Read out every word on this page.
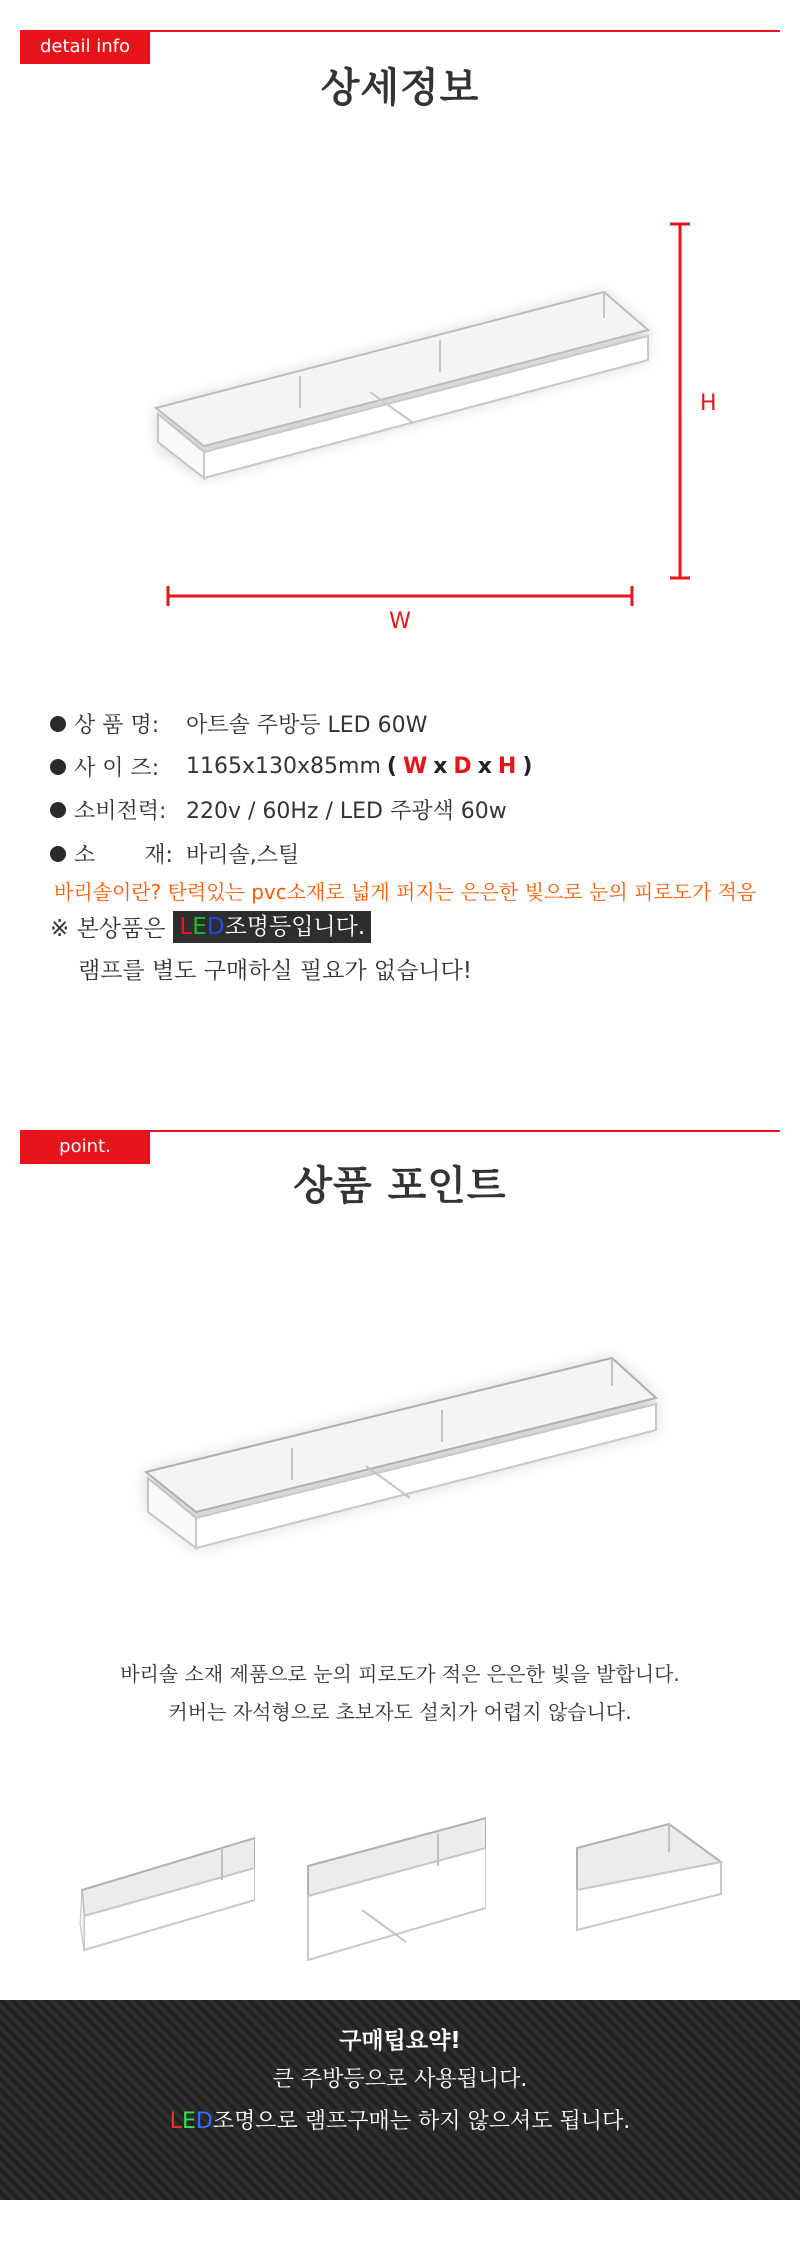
detail info
상세정보
H
W
상 품 명:	아트솔 주방등 LED 60W
사 이 즈:	1165x130x85mm ( W x D x H )
소비전력: 220v / 60Hz / LED 주광색 60w
소       재: 바리솔,스틸
바리솔이란? 탄력있는 pvc소재로 넓게 퍼지는 은은한 빛으로 눈의 피로도가 적음
※ 본상품은 LED조명등입니다.
램프를 별도 구매하실 필요가 없습니다!
point.
상품 포인트
바리솔 소재 제품으로 눈의 피로도가 적은 은은한 빛을 발합니다.
커버는 자석형으로 초보자도 설치가 어렵지 않습니다.
구매팁요약!
큰 주방등으로 사용됩니다.
LED조명으로 램프구매는 하지 않으셔도 됩니다.
